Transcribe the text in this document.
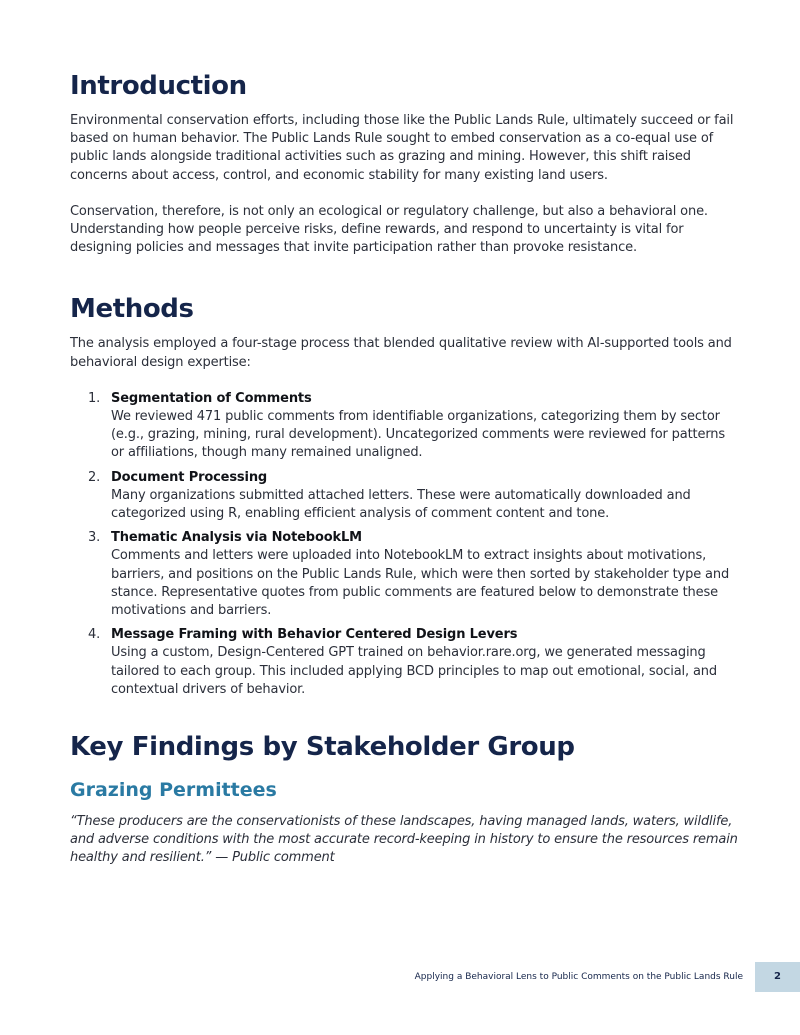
Introduction

Environmental conservation efforts, including those like the Public Lands Rule, ultimately succeed or fail based on human behavior. The Public Lands Rule sought to embed conservation as a co-equal use of public lands alongside traditional activities such as grazing and mining. However, this shift raised concerns about access, control, and economic stability for many existing land users.

Conservation, therefore, is not only an ecological or regulatory challenge, but also a behavioral one. Understanding how people perceive risks, define rewards, and respond to uncertainty is vital for designing policies and messages that invite participation rather than provoke resistance.

Methods

The analysis employed a four-stage process that blended qualitative review with AI-supported tools and behavioral design expertise:

1. Segmentation of Comments
We reviewed 471 public comments from identifiable organizations, categorizing them by sector (e.g., grazing, mining, rural development). Uncategorized comments were reviewed for patterns or affiliations, though many remained unaligned.
2. Document Processing
Many organizations submitted attached letters. These were automatically downloaded and categorized using R, enabling efficient analysis of comment content and tone.
3. Thematic Analysis via NotebookLM
Comments and letters were uploaded into NotebookLM to extract insights about motivations, barriers, and positions on the Public Lands Rule, which were then sorted by stakeholder type and stance. Representative quotes from public comments are featured below to demonstrate these motivations and barriers.
4. Message Framing with Behavior Centered Design Levers
Using a custom, Design-Centered GPT trained on behavior.rare.org, we generated messaging tailored to each group. This included applying BCD principles to map out emotional, social, and contextual drivers of behavior.
Key Findings by Stakeholder Group
Grazing Permittees

“These producers are the conservationists of these landscapes, having managed lands, waters, wildlife, and adverse conditions with the most accurate record-keeping in history to ensure the resources remain healthy and resilient.” — Public comment

Applying a Behavioral Lens to Public Comments on the Public Lands Rule	2
